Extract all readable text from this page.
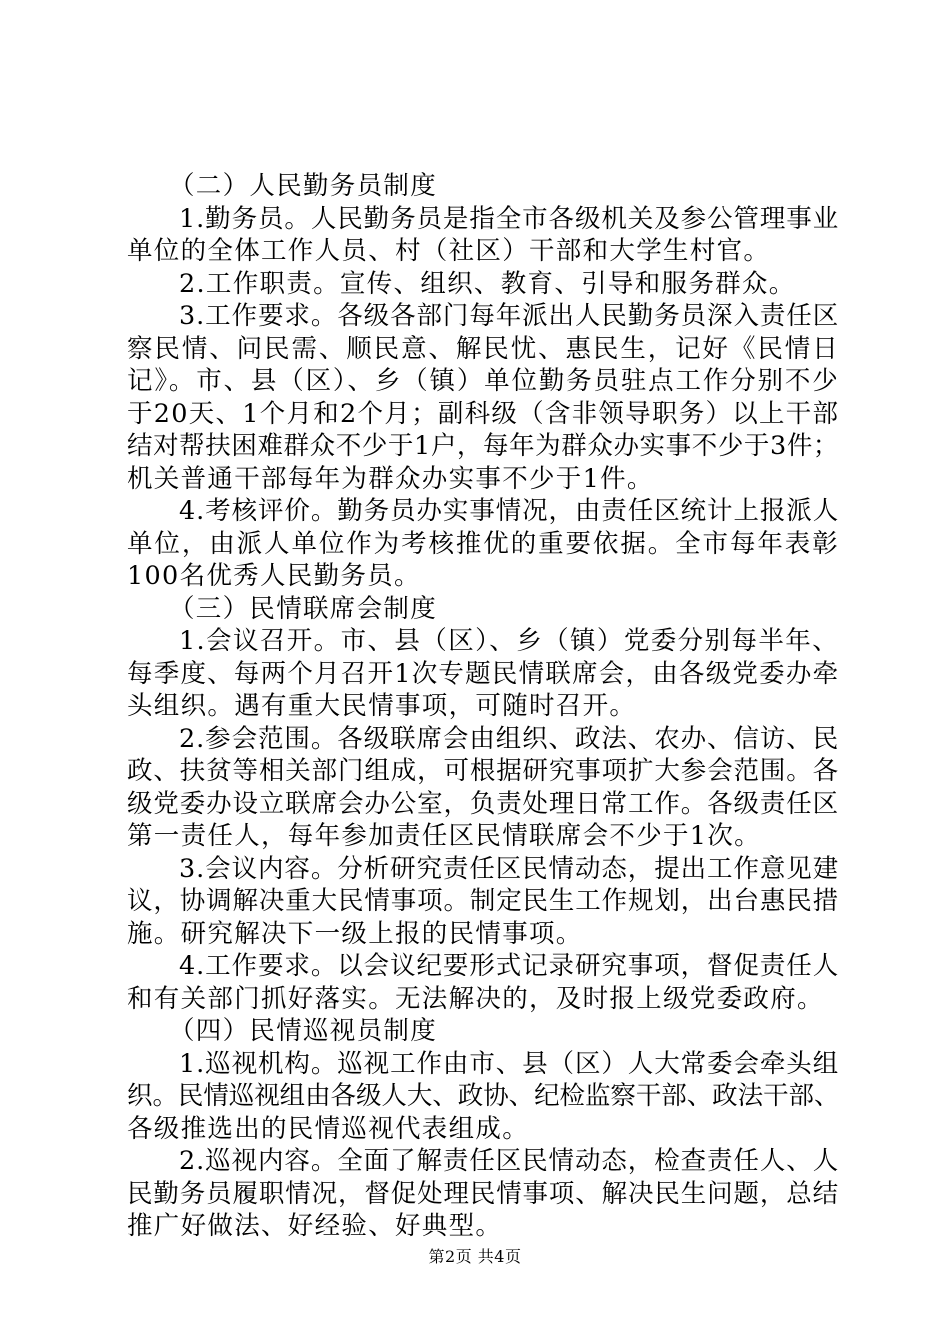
（二）人民勤务员制度
1.勤务员。人民勤务员是指全市各级机关及参公管理事业
单位的全体工作人员、村（社区）干部和大学生村官。
2.工作职责。宣传、组织、教育、引导和服务群众。
3.工作要求。各级各部门每年派出人民勤务员深入责任区
察民情、问民需、顺民意、解民忧、惠民生，记好《民情日
记》。市、县（区）、乡（镇）单位勤务员驻点工作分别不少
于20天、1个月和2个月；副科级（含非领导职务）以上干部
结对帮扶困难群众不少于1户，每年为群众办实事不少于3件；
机关普通干部每年为群众办实事不少于1件。
4.考核评价。勤务员办实事情况，由责任区统计上报派人
单位，由派人单位作为考核推优的重要依据。全市每年表彰
100名优秀人民勤务员。
（三）民情联席会制度
1.会议召开。市、县（区）、乡（镇）党委分别每半年、
每季度、每两个月召开1次专题民情联席会，由各级党委办牵
头组织。遇有重大民情事项，可随时召开。
2.参会范围。各级联席会由组织、政法、农办、信访、民
政、扶贫等相关部门组成，可根据研究事项扩大参会范围。各
级党委办设立联席会办公室，负责处理日常工作。各级责任区
第一责任人，每年参加责任区民情联席会不少于1次。
3.会议内容。分析研究责任区民情动态，提出工作意见建
议，协调解决重大民情事项。制定民生工作规划，出台惠民措
施。研究解决下一级上报的民情事项。
4.工作要求。以会议纪要形式记录研究事项，督促责任人
和有关部门抓好落实。无法解决的，及时报上级党委政府。
（四）民情巡视员制度
1.巡视机构。巡视工作由市、县（区）人大常委会牵头组
织。民情巡视组由各级人大、政协、纪检监察干部、政法干部、
各级推选出的民情巡视代表组成。
2.巡视内容。全面了解责任区民情动态，检查责任人、人
民勤务员履职情况，督促处理民情事项、解决民生问题，总结
推广好做法、好经验、好典型。
第2页 共4页
